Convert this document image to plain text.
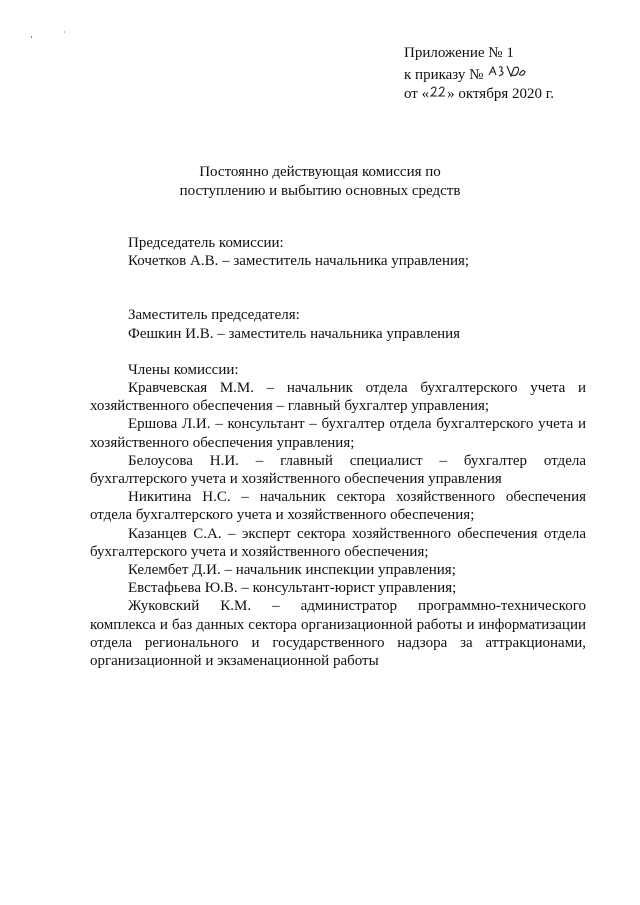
ʻ	˙
Приложение № 1
к приказу №
от « » октября 2020 г.
Постоянно действующая комиссия по
поступлению и выбытию основных средств
Председатель комиссии:
Кочетков А.В. – заместитель начальника управления;
Заместитель председателя:
Фешкин И.В. – заместитель начальника управления
Члены комиссии:

Кравчевская М.М. – начальник отдела бухгалтерского учета и хозяйственного обеспечения – главный бухгалтер управления;

Ершова Л.И. – консультант – бухгалтер отдела бухгалтерского учета и хозяйственного обеспечения управления;

Белоусова Н.И. – главный специалист – бухгалтер отдела бухгалтерского учета и хозяйственного обеспечения управления

Никитина Н.С. – начальник сектора хозяйственного обеспечения отдела бухгалтерского учета и хозяйственного обеспечения;

Казанцев С.А. – эксперт сектора хозяйственного обеспечения отдела бухгалтерского учета и хозяйственного обеспечения;

Келембет Д.И. – начальник инспекции управления;

Евстафьева Ю.В. – консультант-юрист управления;

Жуковский К.М. – администратор программно-технического комплекса и баз данных сектора организационной работы и информатизации отдела регионального и государственного надзора за аттракционами, организационной и экзаменационной работы
